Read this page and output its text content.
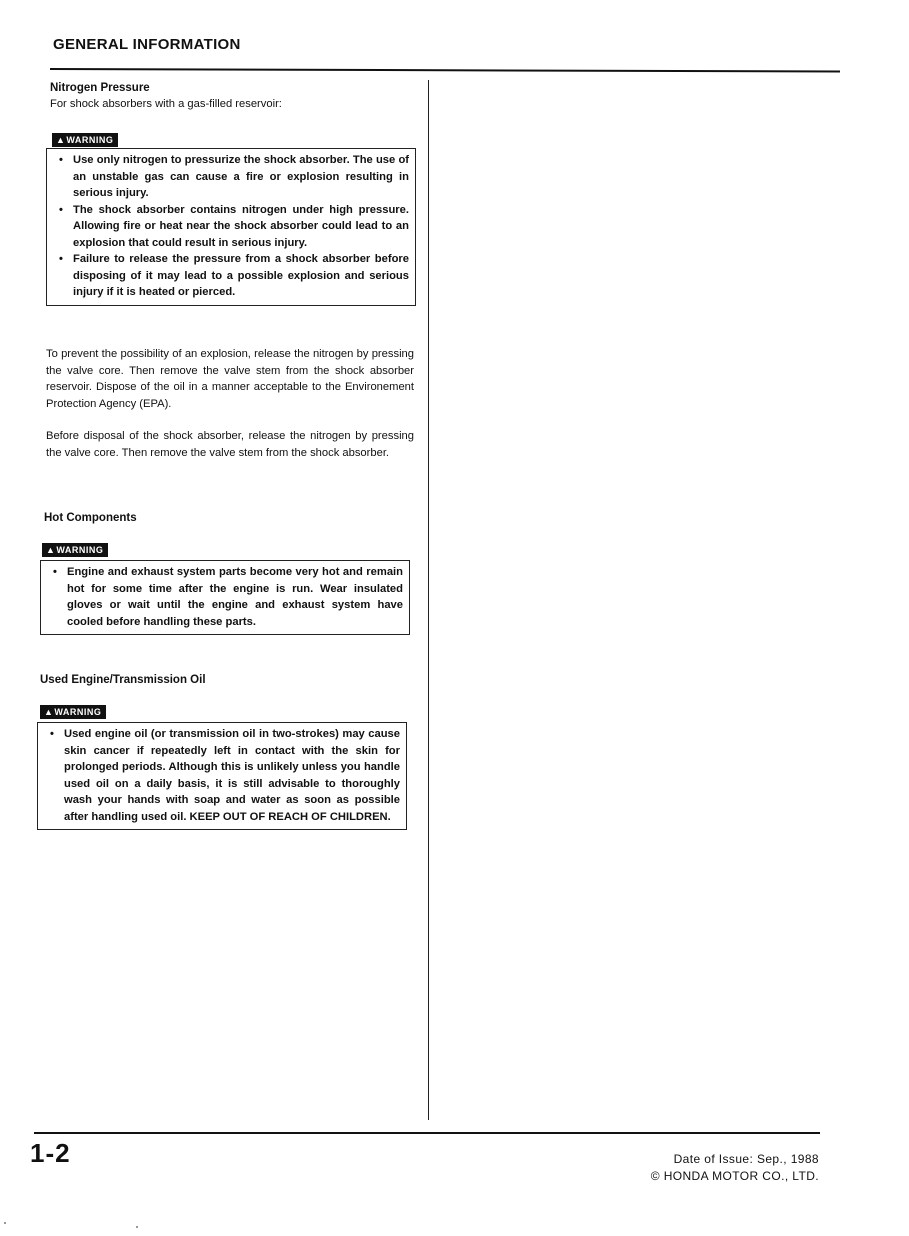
GENERAL INFORMATION
Nitrogen Pressure
For shock absorbers with a gas-filled reservoir:
▲WARNING
• Use only nitrogen to pressurize the shock absorber. The use of an unstable gas can cause a fire or explosion resulting in serious injury.
• The shock absorber contains nitrogen under high pressure. Allowing fire or heat near the shock absorber could lead to an explosion that could result in serious injury.
• Failure to release the pressure from a shock absorber before disposing of it may lead to a possible explosion and serious injury if it is heated or pierced.
To prevent the possibility of an explosion, release the nitrogen by pressing the valve core. Then remove the valve stem from the shock absorber reservoir. Dispose of the oil in a manner acceptable to the Environement Protection Agency (EPA).
Before disposal of the shock absorber, release the nitrogen by pressing the valve core. Then remove the valve stem from the shock absorber.
Hot Components
▲WARNING
• Engine and exhaust system parts become very hot and remain hot for some time after the engine is run. Wear insulated gloves or wait until the engine and exhaust system have cooled before handling these parts.
Used Engine/Transmission Oil
▲WARNING
• Used engine oil (or transmission oil in two-strokes) may cause skin cancer if repeatedly left in contact with the skin for prolonged periods. Although this is unlikely unless you handle used oil on a daily basis, it is still advisable to thoroughly wash your hands with soap and water as soon as possible after handling used oil. KEEP OUT OF REACH OF CHILDREN.
1-2	Date of Issue: Sep., 1988
© HONDA MOTOR CO., LTD.
